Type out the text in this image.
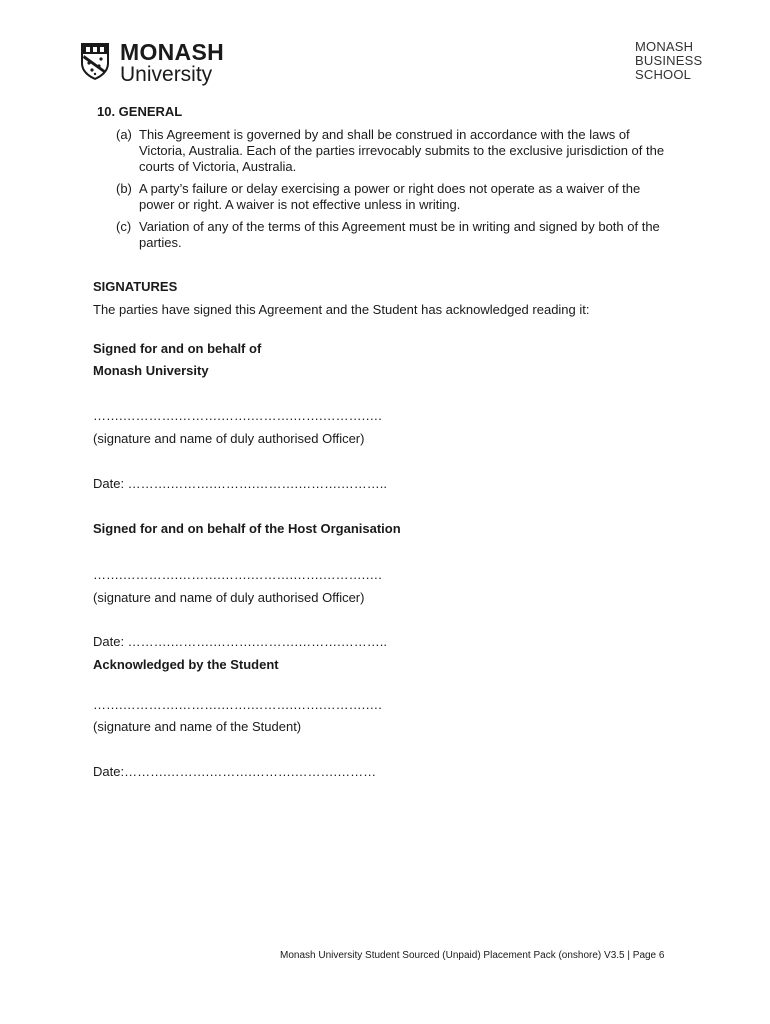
MONASH
University
MONASH
BUSINESS
SCHOOL
10. GENERAL
(a) This Agreement is governed by and shall be construed in accordance with the laws of Victoria, Australia. Each of the parties irrevocably submits to the exclusive jurisdiction of the courts of Victoria, Australia.
(b) A party’s failure or delay exercising a power or right does not operate as a waiver of the power or right. A waiver is not effective unless in writing.
(c) Variation of any of the terms of this Agreement must be in writing and signed by both of the parties.
SIGNATURES
The parties have signed this Agreement and the Student has acknowledged reading it:
Signed for and on behalf of
Monash University
…….………….……….…….……….…….……….….
(signature and name of duly authorised Officer)
Date: ……….……….……….……….……….………..
Signed for and on behalf of the Host Organisation
…….………….……….…….……….…….……….….
(signature and name of duly authorised Officer)
Date: ……….……….……….……….……….………..
Acknowledged by the Student
…….………….……….…….……….…….……….….
(signature and name of the Student)
Date:……….……….……….……….……….………
Monash University Student Sourced (Unpaid) Placement Pack (onshore) V3.5 | Page 6
